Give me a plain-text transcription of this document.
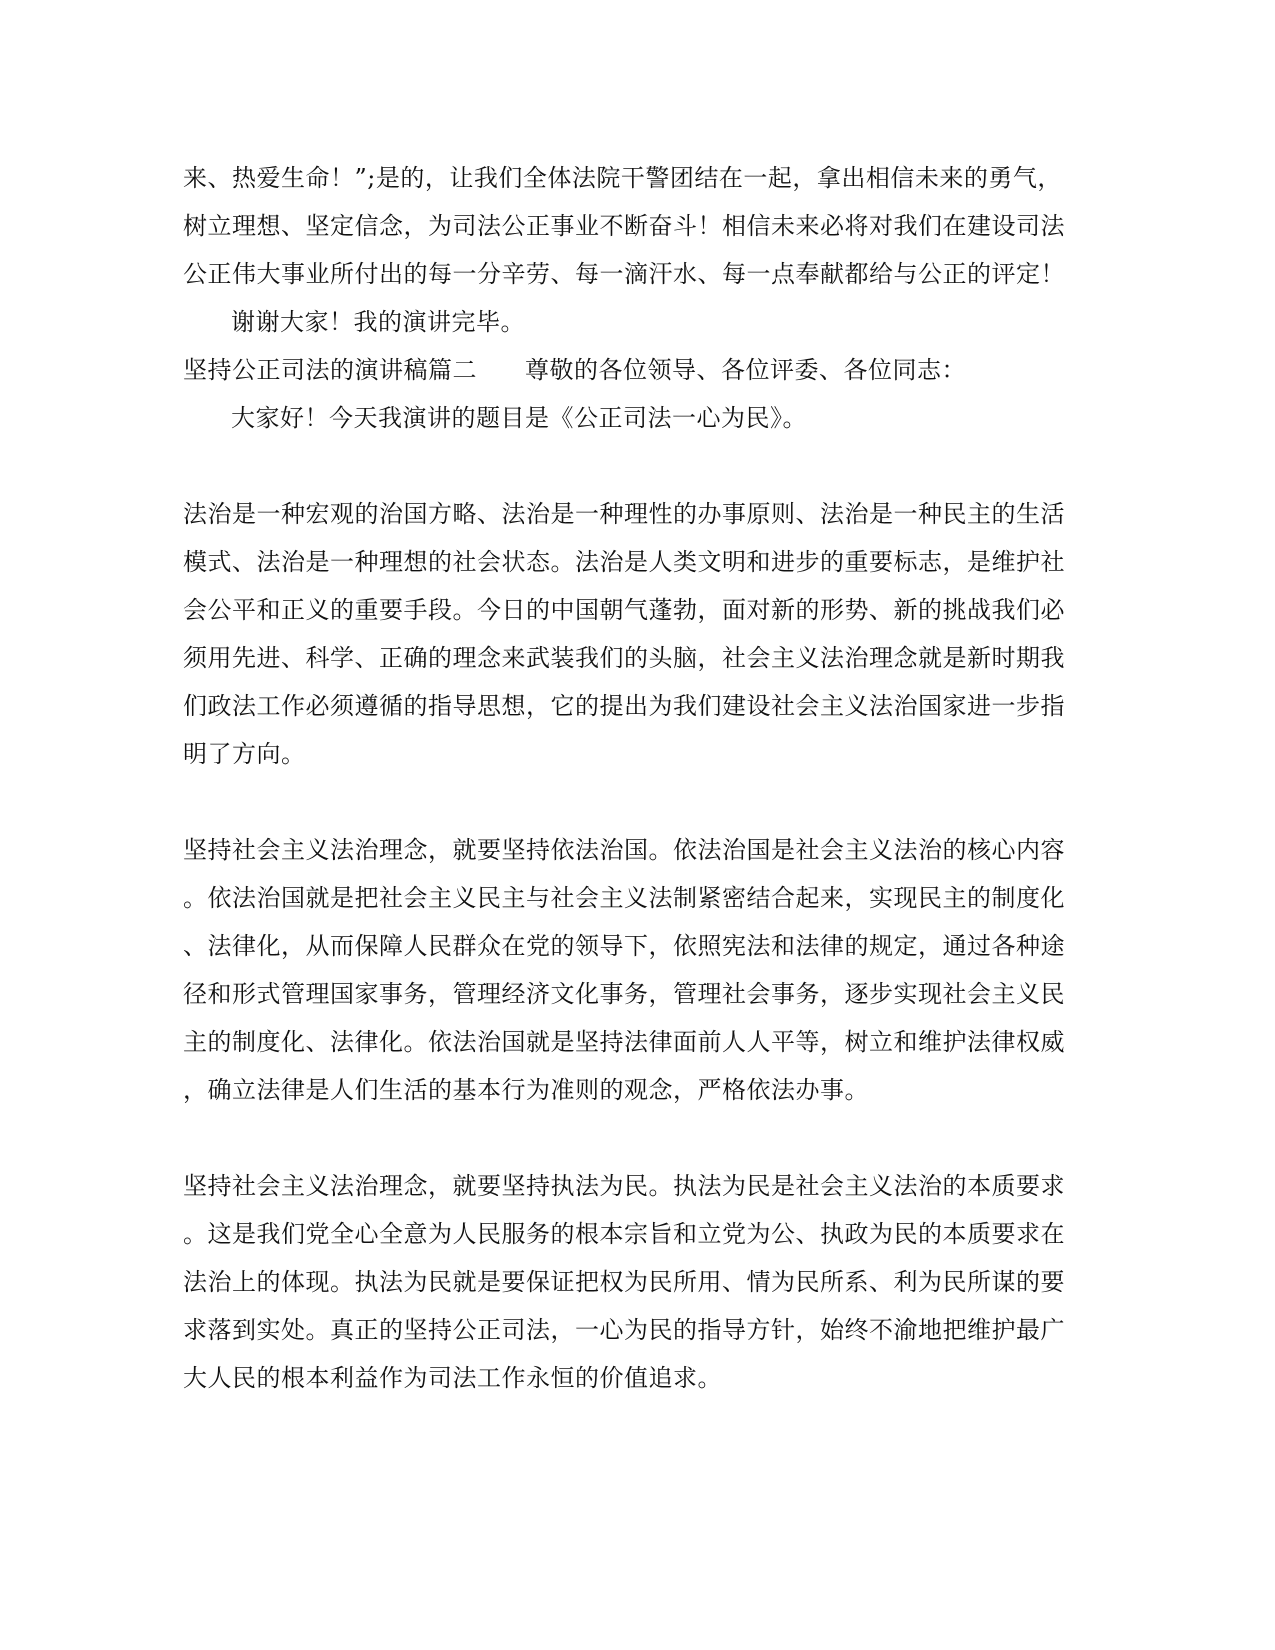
来、热爱生命！”;是的，让我们全体法院干警团结在一起，拿出相信未来的勇气，
树立理想、坚定信念，为司法公正事业不断奋斗！相信未来必将对我们在建设司法
公正伟大事业所付出的每一分辛劳、每一滴汗水、每一点奉献都给与公正的评定！
谢谢大家！我的演讲完毕。
坚持公正司法的演讲稿篇二 尊敬的各位领导、各位评委、各位同志：
大家好！今天我演讲的题目是《公正司法一心为民》。
法治是一种宏观的治国方略、法治是一种理性的办事原则、法治是一种民主的生活
模式、法治是一种理想的社会状态。法治是人类文明和进步的重要标志，是维护社
会公平和正义的重要手段。今日的中国朝气蓬勃，面对新的形势、新的挑战我们必
须用先进、科学、正确的理念来武装我们的头脑，社会主义法治理念就是新时期我
们政法工作必须遵循的指导思想，它的提出为我们建设社会主义法治国家进一步指
明了方向。
坚持社会主义法治理念，就要坚持依法治国。依法治国是社会主义法治的核心内容
。依法治国就是把社会主义民主与社会主义法制紧密结合起来，实现民主的制度化
、法律化，从而保障人民群众在党的领导下，依照宪法和法律的规定，通过各种途
径和形式管理国家事务，管理经济文化事务，管理社会事务，逐步实现社会主义民
主的制度化、法律化。依法治国就是坚持法律面前人人平等，树立和维护法律权威
，确立法律是人们生活的基本行为准则的观念，严格依法办事。
坚持社会主义法治理念，就要坚持执法为民。执法为民是社会主义法治的本质要求
。这是我们党全心全意为人民服务的根本宗旨和立党为公、执政为民的本质要求在
法治上的体现。执法为民就是要保证把权为民所用、情为民所系、利为民所谋的要
求落到实处。真正的坚持公正司法，一心为民的指导方针，始终不渝地把维护最广
大人民的根本利益作为司法工作永恒的价值追求。
